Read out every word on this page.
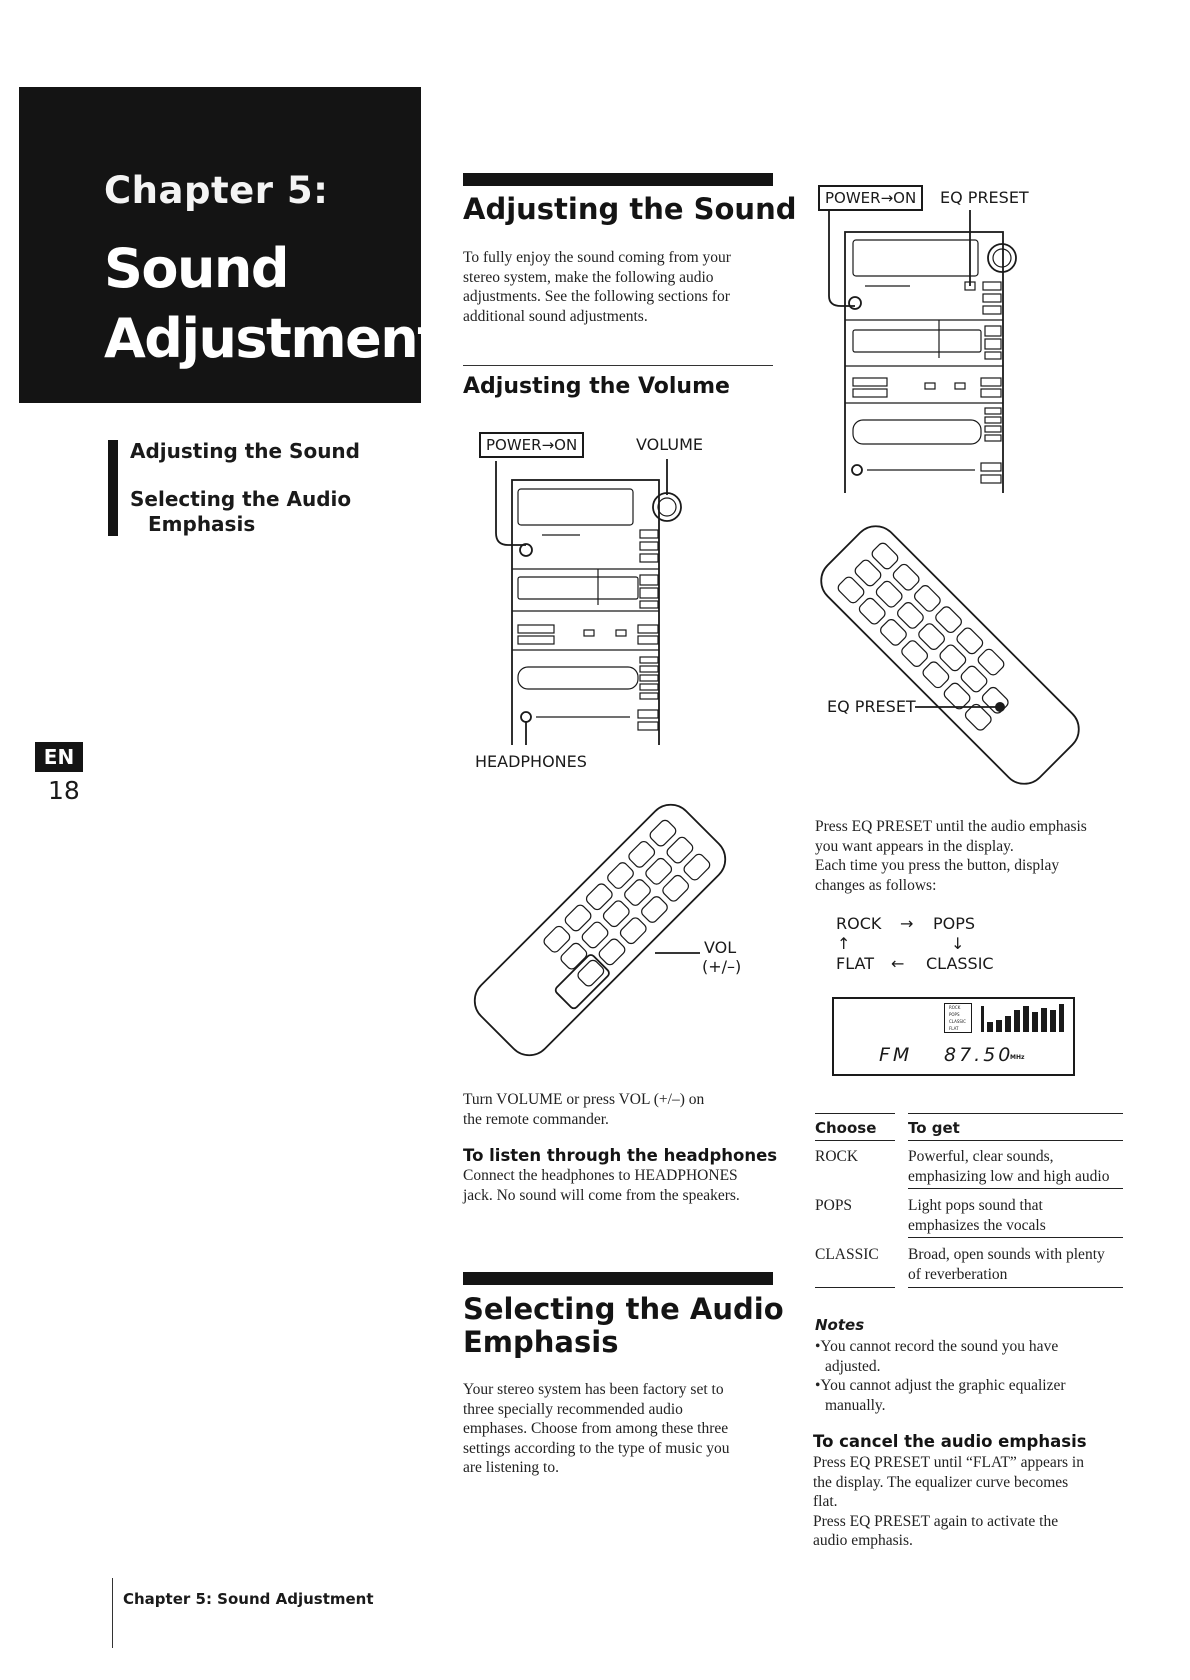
Chapter 5:
Sound
Adjustment
Adjusting the Sound
Selecting the Audio
Emphasis
EN
18
Chapter 5: Sound Adjustment
Adjusting the Sound
To fully enjoy the sound coming from your
stereo system, make the following audio
adjustments. See the following sections for
additional sound adjustments.
Adjusting the Volume
POWER→ON	VOLUME
HEADPHONES
VOL
(+/–)
Turn VOLUME or press VOL (+/–) on
the remote commander.
To listen through the headphones
Connect the headphones to HEADPHONES
jack. No sound will come from the speakers.
Selecting the Audio
Emphasis
Your stereo system has been factory set to
three specially recommended audio
emphases. Choose from among these three
settings according to the type of music you
are listening to.
POWER→ON	EQ PRESET
EQ PRESET
Press EQ PRESET until the audio emphasis
you want appears in the display.
Each time you press the button, display
changes as follows:
ROCK → POPS
↑	↓
FLAT ← CLASSIC
ROCK
POPS
CLASSIC
FLAT
FM 87.50
MHz
Choose To get
ROCK	Powerful, clear sounds,
emphasizing low and high audio
POPS	Light pops sound that
emphasizes the vocals
CLASSIC Broad, open sounds with plenty
of reverberation
Notes
•You cannot record the sound you have
adjusted.
•You cannot adjust the graphic equalizer
manually.
To cancel the audio emphasis
Press EQ PRESET until “FLAT” appears in
the display. The equalizer curve becomes
flat.
Press EQ PRESET again to activate the
audio emphasis.
